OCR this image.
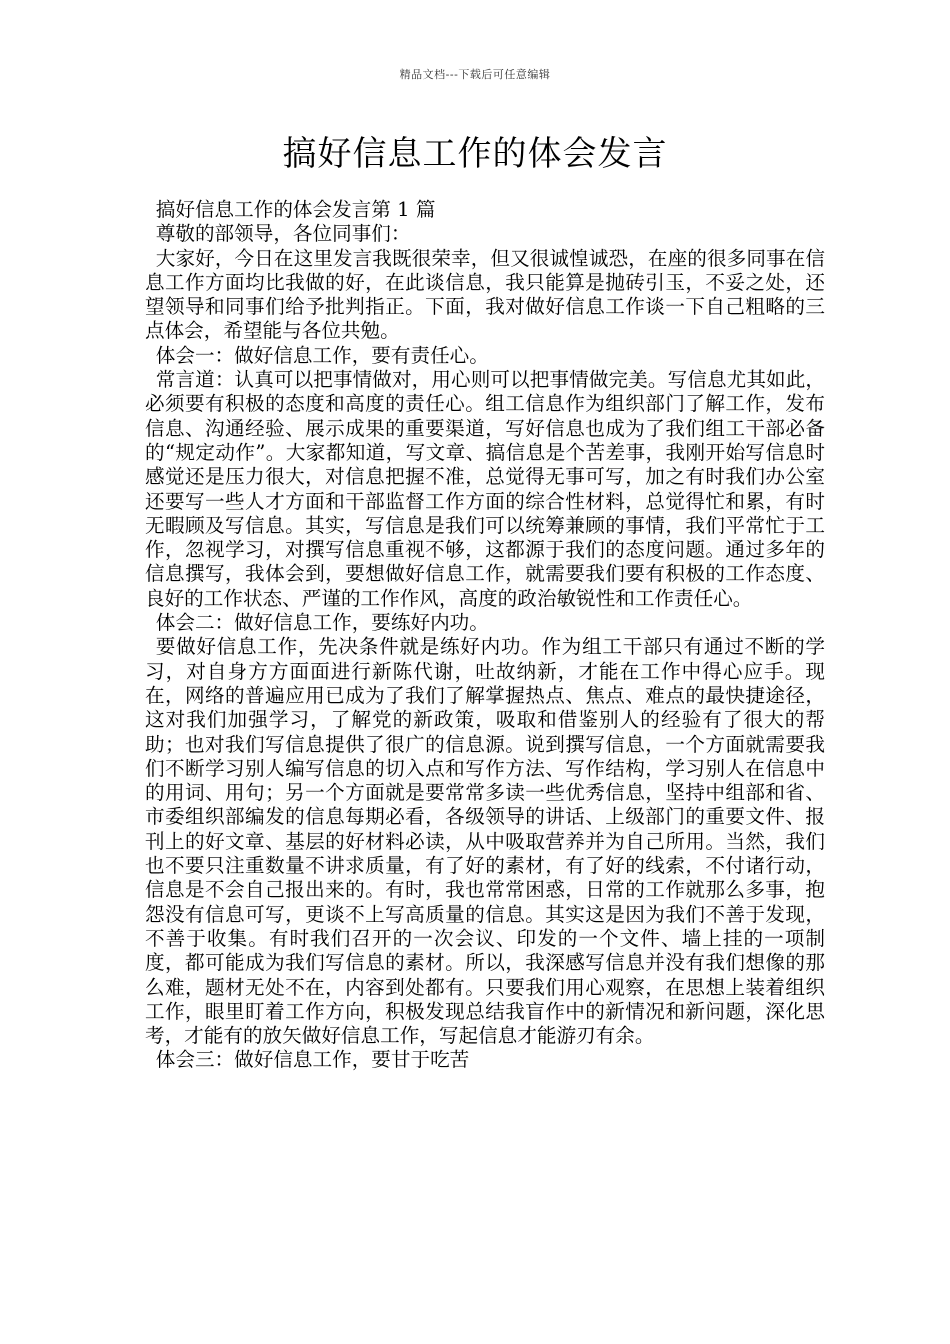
精品文档---下载后可任意编辑
搞好信息工作的体会发言

搞好信息工作的体会发言第 1 篇

尊敬的部领导，各位同事们：

大家好，今日在这里发言我既很荣幸，但又很诚惶诚恐，在座的很多同事在信息工作方面均比我做的好，在此谈信息，我只能算是抛砖引玉，不妥之处，还望领导和同事们给予批判指正。下面，我对做好信息工作谈一下自己粗略的三点体会，希望能与各位共勉。

体会一：做好信息工作，要有责任心。

常言道：认真可以把事情做对，用心则可以把事情做完美。写信息尤其如此，必须要有积极的态度和高度的责任心。组工信息作为组织部门了解工作，发布信息、沟通经验、展示成果的重要渠道，写好信息也成为了我们组工干部必备的“规定动作”。大家都知道，写文章、搞信息是个苦差事，我刚开始写信息时感觉还是压力很大，对信息把握不准，总觉得无事可写，加之有时我们办公室还要写一些人才方面和干部监督工作方面的综合性材料，总觉得忙和累，有时无暇顾及写信息。其实，写信息是我们可以统筹兼顾的事情，我们平常忙于工作，忽视学习，对撰写信息重视不够，这都源于我们的态度问题。通过多年的信息撰写，我体会到，要想做好信息工作，就需要我们要有积极的工作态度、良好的工作状态、严谨的工作作风，高度的政治敏锐性和工作责任心。

体会二：做好信息工作，要练好内功。

要做好信息工作，先决条件就是练好内功。作为组工干部只有通过不断的学习，对自身方方面面进行新陈代谢，吐故纳新，才能在工作中得心应手。现在，网络的普遍应用已成为了我们了解掌握热点、焦点、难点的最快捷途径，这对我们加强学习，了解党的新政策，吸取和借鉴别人的经验有了很大的帮助；也对我们写信息提供了很广的信息源。说到撰写信息，一个方面就需要我们不断学习别人编写信息的切入点和写作方法、写作结构，学习别人在信息中的用词、用句；另一个方面就是要常常多读一些优秀信息，坚持中组部和省、市委组织部编发的信息每期必看，各级领导的讲话、上级部门的重要文件、报刊上的好文章、基层的好材料必读，从中吸取营养并为自己所用。当然，我们也不要只注重数量不讲求质量，有了好的素材，有了好的线索，不付诸行动，信息是不会自己报出来的。有时，我也常常困惑，日常的工作就那么多事，抱怨没有信息可写，更谈不上写高质量的信息。其实这是因为我们不善于发现，不善于收集。有时我们召开的一次会议、印发的一个文件、墙上挂的一项制度，都可能成为我们写信息的素材。所以，我深感写信息并没有我们想像的那么难，题材无处不在，内容到处都有。只要我们用心观察，在思想上装着组织工作，眼里盯着工作方向，积极发现总结我盲作中的新情况和新问题，深化思考，才能有的放矢做好信息工作，写起信息才能游刃有余。

体会三：做好信息工作，要甘于吃苦
